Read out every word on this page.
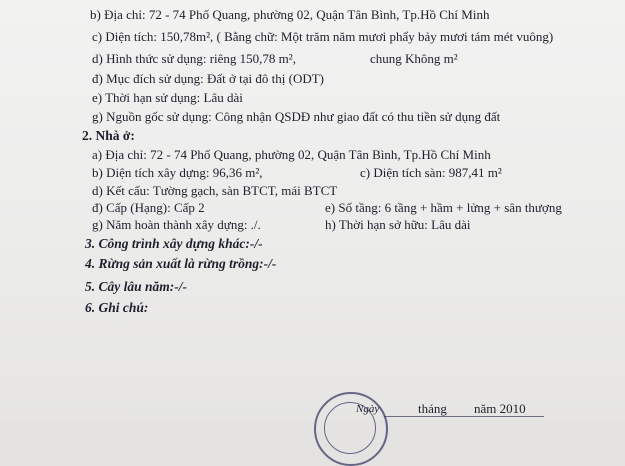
b) Địa chỉ: 72 - 74 Phố Quang, phường 02, Quận Tân Bình, Tp.Hồ Chí Minh
c) Diện tích: 150,78m², ( Bằng chữ: Một trăm năm mươi phẩy bảy mươi tám mét vuông)
d) Hình thức sử dụng: riêng 150,78 m²,	chung Không m²
đ) Mục đích sử dụng: Đất ở tại đô thị (ODT)
e) Thời hạn sử dụng: Lâu dài
g) Nguồn gốc sử dụng: Công nhận QSDĐ như giao đất có thu tiền sử dụng đất
2. Nhà ở:
a) Địa chỉ: 72 - 74 Phố Quang, phường 02, Quận Tân Bình, Tp.Hồ Chí Minh
b) Diện tích xây dựng: 96,36 m²,	c) Diện tích sàn: 987,41 m²
d) Kết cấu: Tường gạch, sàn BTCT, mái BTCT
đ) Cấp (Hạng): Cấp 2	e) Số tầng: 6 tầng + hầm + lửng + sân thượng
g) Năm hoàn thành xây dựng: ./.	h) Thời hạn sở hữu: Lâu dài
3. Công trình xây dựng khác:-/-
4. Rừng sản xuất là rừng trồng:-/-
5. Cây lâu năm:-/-
6. Ghi chú:
Ngày	tháng năm 2010
